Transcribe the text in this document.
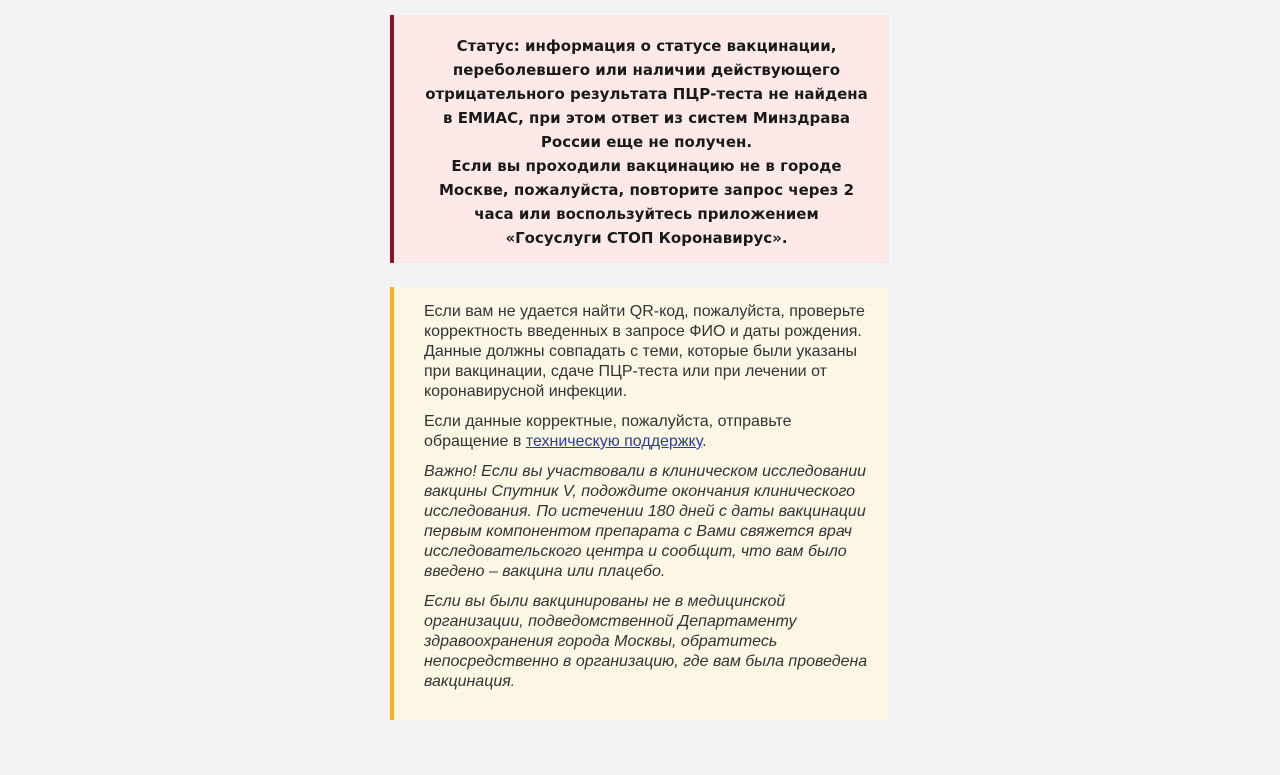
Статус: информация о статусе вакцинации, переболевшего или наличии действующего отрицательного результата ПЦР-теста не найдена в ЕМИАС, при этом ответ из систем Минздрава России еще не получен.

Если вы проходили вакцинацию не в городе Москве, пожалуйста, повторите запрос через 2 часа или воспользуйтесь приложением «Госуслуги СТОП Коронавирус».

Если вам не удается найти QR-код, пожалуйста, проверьте корректность введенных в запросе ФИО и даты рождения. Данные должны совпадать с теми, которые были указаны при вакцинации, сдаче ПЦР-теста или при лечении от коронавирусной инфекции.

Если данные корректные, пожалуйста, отправьте обращение в техническую поддержку.

Важно! Если вы участвовали в клиническом исследовании вакцины Спутник V, подождите окончания клинического исследования. По истечении 180 дней с даты вакцинации первым компонентом препарата с Вами свяжется врач исследовательского центра и сообщит, что вам было введено – вакцина или плацебо.

Если вы были вакцинированы не в медицинской организации, подведомственной Департаменту здравоохранения города Москвы, обратитесь непосредственно в организацию, где вам была проведена вакцинация.
